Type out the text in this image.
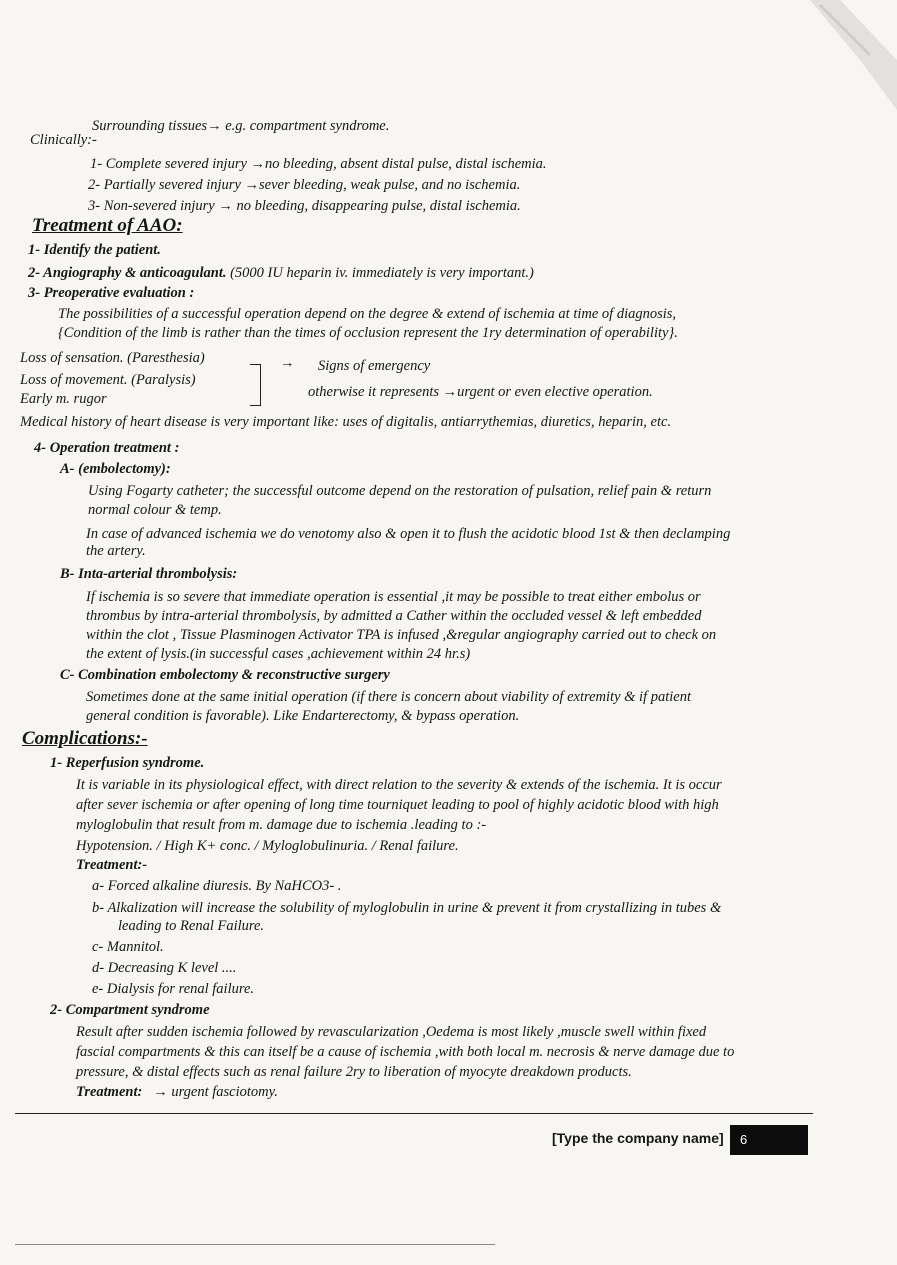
Surrounding tissues→ e.g. compartment syndrome.
Clinically:-
1- Complete severed injury →no bleeding, absent distal pulse, distal ischemia.
2- Partially severed injury →sever bleeding, weak pulse, and no ischemia.
3- Non-severed injury → no bleeding, disappearing pulse, distal ischemia.
Treatment of AAO:
1- Identify the patient.
2- Angiography & anticoagulant. (5000 IU heparin iv. immediately is very important.)
3- Preoperative evaluation :
The possibilities of a successful operation depend on the degree & extend of ischemia at time of diagnosis,
{Condition of the limb is rather than the times of occlusion represent the 1ry determination of operability}.
Loss of sensation. (Paresthesia)
Loss of movement. (Paralysis)
Early m. rugor
→ Signs of emergency
otherwise it represents →urgent or even elective operation.
Medical history of heart disease is very important like: uses of digitalis, antiarrythemias, diuretics, heparin, etc.
4- Operation treatment :
A- (embolectomy):
Using Fogarty catheter; the successful outcome depend on the restoration of pulsation, relief pain & return
normal colour & temp.
In case of advanced ischemia we do venotomy also & open it to flush the acidotic blood 1st & then declamping
the artery.
B- Inta-arterial thrombolysis:
If ischemia is so severe that immediate operation is essential ,it may be possible to treat either embolus or
thrombus by intra-arterial thrombolysis, by admitted a Cather within the occluded vessel & left embedded
within the clot , Tissue Plasminogen Activator TPA is infused ,&regular angiography carried out to check on
the extent of lysis.(in successful cases ,achievement within 24 hr.s)
C- Combination embolectomy & reconstructive surgery
Sometimes done at the same initial operation (if there is concern about viability of extremity & if patient
general condition is favorable). Like Endarterectomy, & bypass operation.
Complications:-
1- Reperfusion syndrome.
It is variable in its physiological effect, with direct relation to the severity & extends of the ischemia. It is occur
after sever ischemia or after opening of long time tourniquet leading to pool of highly acidotic blood with high
myloglobulin that result from m. damage due to ischemia .leading to :-
Hypotension. / High K+ conc. / Myloglobulinuria. / Renal failure.
Treatment:-
a- Forced alkaline diuresis. By NaHCO3- .
b- Alkalization will increase the solubility of myloglobulin in urine & prevent it from crystallizing in tubes &
leading to Renal Failure.
c- Mannitol.
d- Decreasing K level ....
e- Dialysis for renal failure.
2- Compartment syndrome
Result after sudden ischemia followed by revascularization ,Oedema is most likely ,muscle swell within fixed
fascial compartments & this can itself be a cause of ischemia ,with both local m. necrosis & nerve damage due to
pressure, & distal effects such as renal failure 2ry to liberation of myocyte dreakdown products.
Treatment: → urgent fasciotomy.
[Type the company name]	6
